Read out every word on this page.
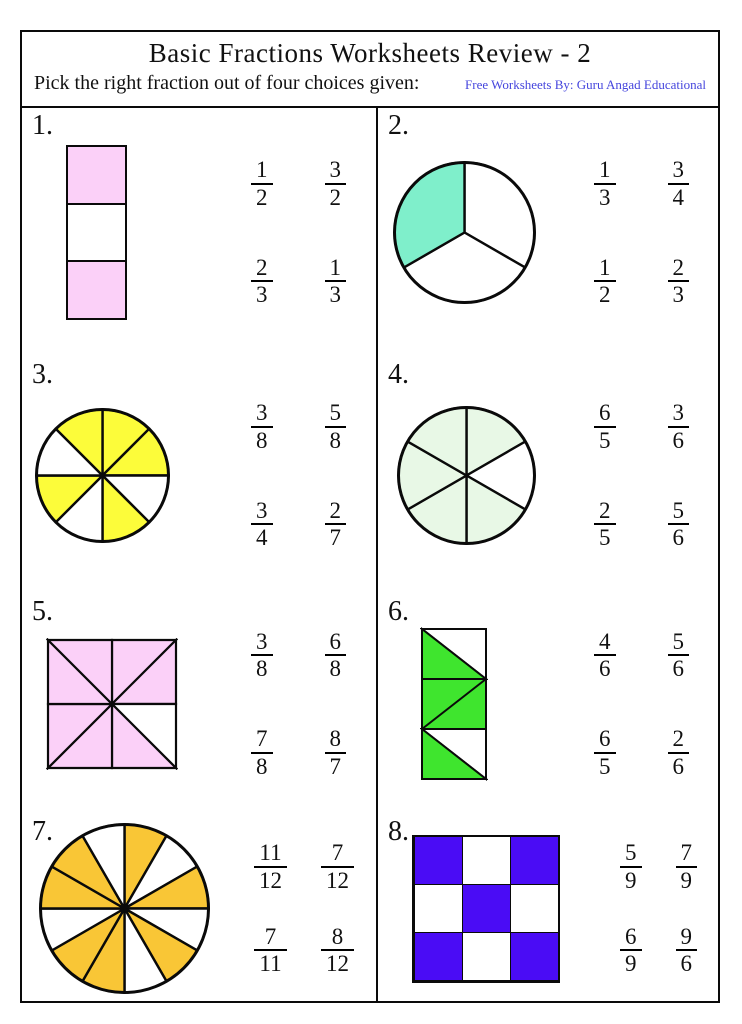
Basic Fractions Worksheets Review - 2
Pick the right fraction out of four choices given:	Free Worksheets By: Guru Angad Educational
1.
$\frac{1}{2} \frac{3}{2}$
$\frac{2}{3} \frac{1}{3}$
2.
$\frac{1}{3} \frac{3}{4}$
$\frac{1}{2} \frac{2}{3}$
3.
$\frac{3}{8} \frac{5}{8}$
$\frac{3}{4} \frac{2}{7}$
4.
$\frac{6}{5} \frac{3}{6}$
$\frac{2}{5} \frac{5}{6}$
5.
$\frac{3}{8} \frac{6}{8}$
$\frac{7}{8} \frac{8}{7}$
6.
$\frac{4}{6} \frac{5}{6}$
$\frac{6}{5} \frac{2}{6}$
7.
$\frac{11}{12} \frac{7}{12}$
$\frac{7}{11} \frac{8}{12}$
8.
$\frac{5}{9} \frac{7}{9}$
$\frac{6}{9} \frac{9}{6}$
